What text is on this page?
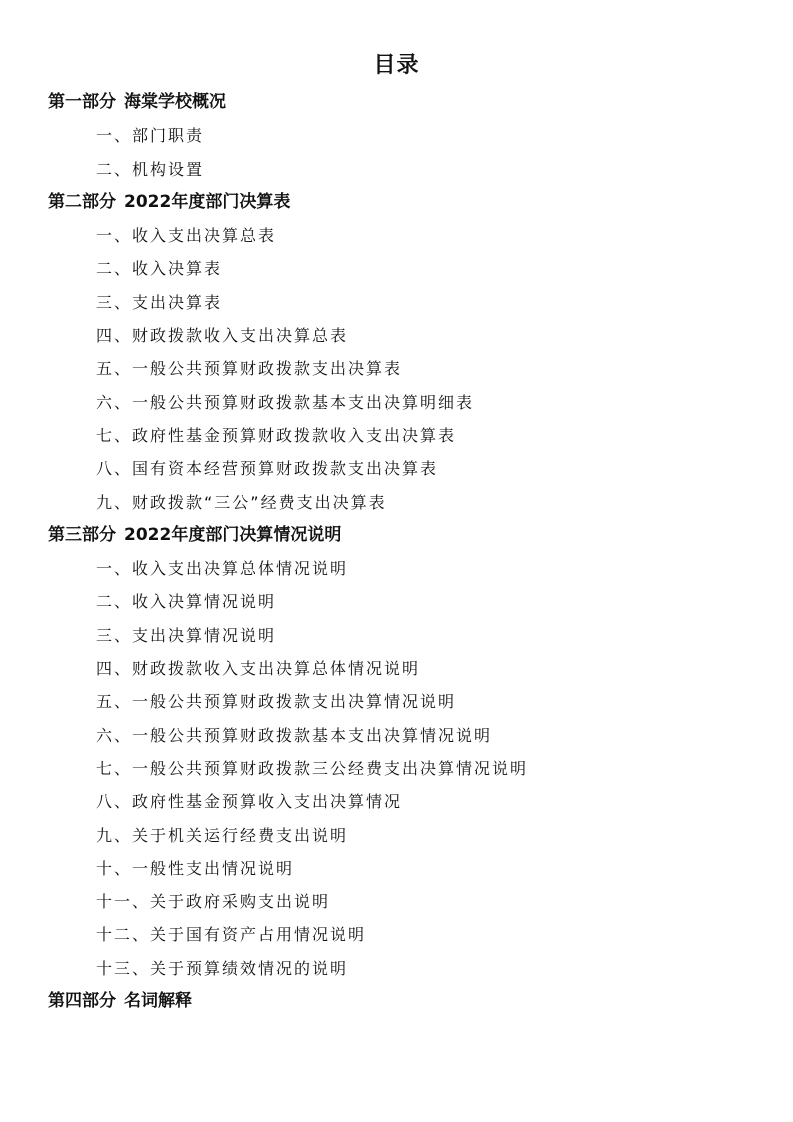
目录
第一部分 海棠学校概况
一、部门职责
二、机构设置
第二部分 2022年度部门决算表
一、收入支出决算总表
二、收入决算表
三、支出决算表
四、财政拨款收入支出决算总表
五、一般公共预算财政拨款支出决算表
六、一般公共预算财政拨款基本支出决算明细表
七、政府性基金预算财政拨款收入支出决算表
八、国有资本经营预算财政拨款支出决算表
九、财政拨款“三公”经费支出决算表
第三部分 2022年度部门决算情况说明
一、收入支出决算总体情况说明
二、收入决算情况说明
三、支出决算情况说明
四、财政拨款收入支出决算总体情况说明
五、一般公共预算财政拨款支出决算情况说明
六、一般公共预算财政拨款基本支出决算情况说明
七、一般公共预算财政拨款三公经费支出决算情况说明
八、政府性基金预算收入支出决算情况
九、关于机关运行经费支出说明
十、一般性支出情况说明
十一、关于政府采购支出说明
十二、关于国有资产占用情况说明
十三、关于预算绩效情况的说明
第四部分 名词解释
